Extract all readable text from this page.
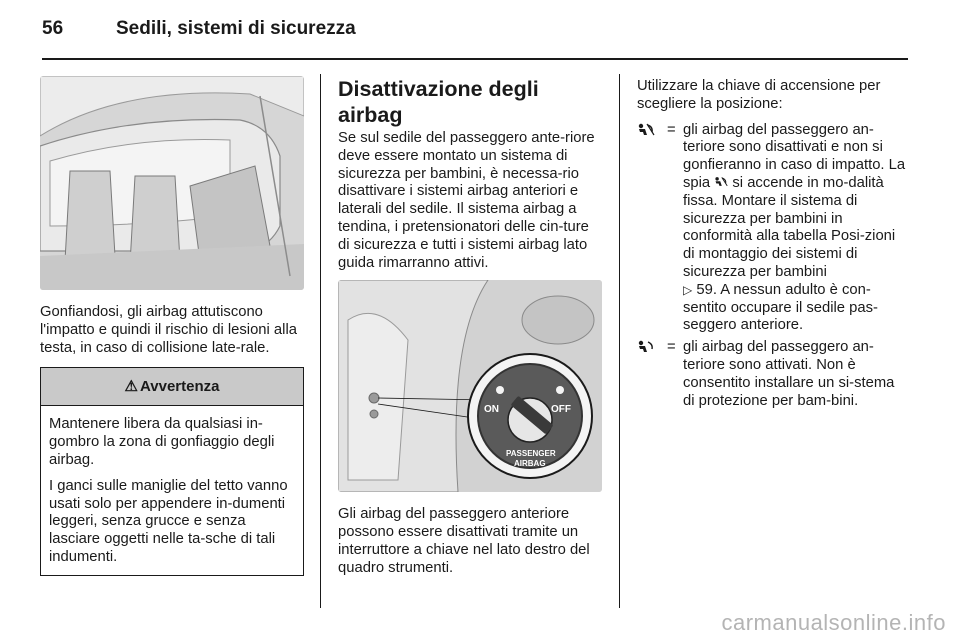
56	Sedili, sistemi di sicurezza

Gonfiandosi, gli airbag attutiscono l'impatto e quindi il rischio di lesioni alla testa, in caso di collisione late-rale.

⚠ Avvertenza

Mantenere libera da qualsiasi in-gombro la zona di gonfiaggio degli airbag.

I ganci sulle maniglie del tetto vanno usati solo per appendere in-dumenti leggeri, senza grucce e senza lasciare oggetti nelle ta-sche di tali indumenti.

Disattivazione degli airbag

Se sul sedile del passeggero ante-riore deve essere montato un sistema di sicurezza per bambini, è necessa-rio disattivare i sistemi airbag anteriori e laterali del sedile. Il sistema airbag a tendina, i pretensionatori delle cin-ture di sicurezza e tutti i sistemi airbag lato guida rimarranno attivi.

ON	OFF
PASSENGER
AIRBAG

Gli airbag del passeggero anteriore possono essere disattivati tramite un interruttore a chiave nel lato destro del quadro strumenti.

Utilizzare la chiave di accensione per scegliere la posizione:

= gli airbag del passeggero an-teriore sono disattivati e non si gonfieranno in caso di impatto. La spia si accende in mo-dalità fissa. Montare il sistema di sicurezza per bambini in conformità alla tabella Posi-zioni di montaggio dei sistemi di sicurezza per bambini
▷ 59. A nessun adulto è con-sentito occupare il sedile pas-seggero anteriore.
= gli airbag del passeggero an-teriore sono attivati. Non è consentito installare un si-stema di protezione per bam-bini.
carmanualsonline.info
